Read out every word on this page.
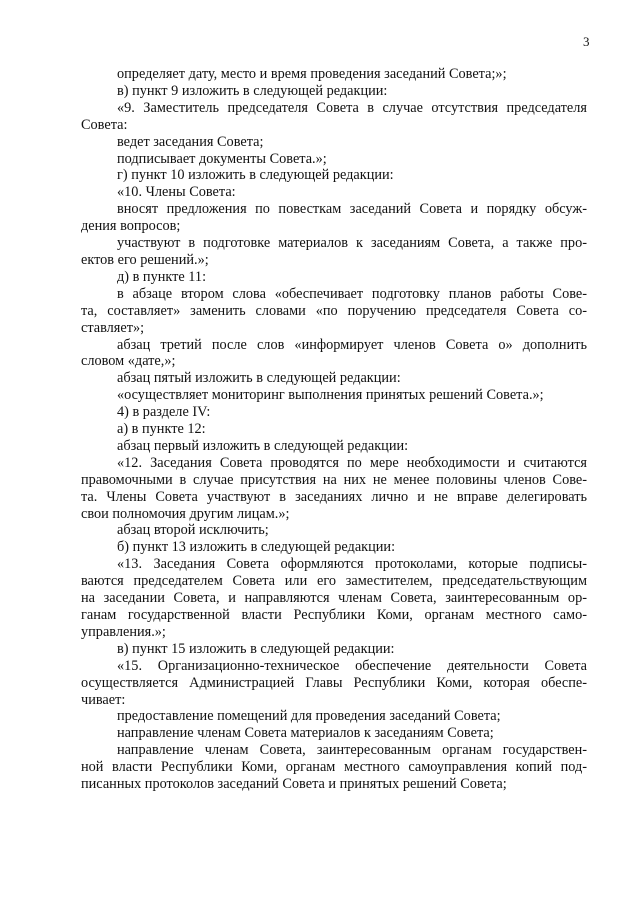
3
определяет дату, место и время проведения заседаний Совета;»;
в) пункт 9 изложить в следующей редакции:
«9. Заместитель председателя Совета в случае отсутствия председателя
Совета:
ведет заседания Совета;
подписывает документы Совета.»;
г) пункт 10 изложить в следующей редакции:
«10. Члены Совета:
вносят предложения по повесткам заседаний Совета и порядку обсуж-
дения вопросов;
участвуют в подготовке материалов к заседаниям Совета, а также про-
ектов его решений.»;
д) в пункте 11:
в абзаце втором слова «обеспечивает подготовку планов работы Сове-
та, составляет» заменить словами «по поручению председателя Совета со-
ставляет»;
абзац третий после слов «информирует членов Совета о» дополнить
словом «дате,»;
абзац пятый изложить в следующей редакции:
«осуществляет мониторинг выполнения принятых решений Совета.»;
4) в разделе IV:
а) в пункте 12:
абзац первый изложить в следующей редакции:
«12. Заседания Совета проводятся по мере необходимости и считаются
правомочными в случае присутствия на них не менее половины членов Сове-
та. Члены Совета участвуют в заседаниях лично и не вправе делегировать
свои полномочия другим лицам.»;
абзац второй исключить;
б) пункт 13 изложить в следующей редакции:
«13. Заседания Совета оформляются протоколами, которые подписы-
ваются председателем Совета или его заместителем, председательствующим
на заседании Совета, и направляются членам Совета, заинтересованным ор-
ганам государственной власти Республики Коми, органам местного само-
управления.»;
в) пункт 15 изложить в следующей редакции:
«15. Организационно-техническое обеспечение деятельности Совета
осуществляется Администрацией Главы Республики Коми, которая обеспе-
чивает:
предоставление помещений для проведения заседаний Совета;
направление членам Совета материалов к заседаниям Совета;
направление членам Совета, заинтересованным органам государствен-
ной власти Республики Коми, органам местного самоуправления копий под-
писанных протоколов заседаний Совета и принятых решений Совета;
